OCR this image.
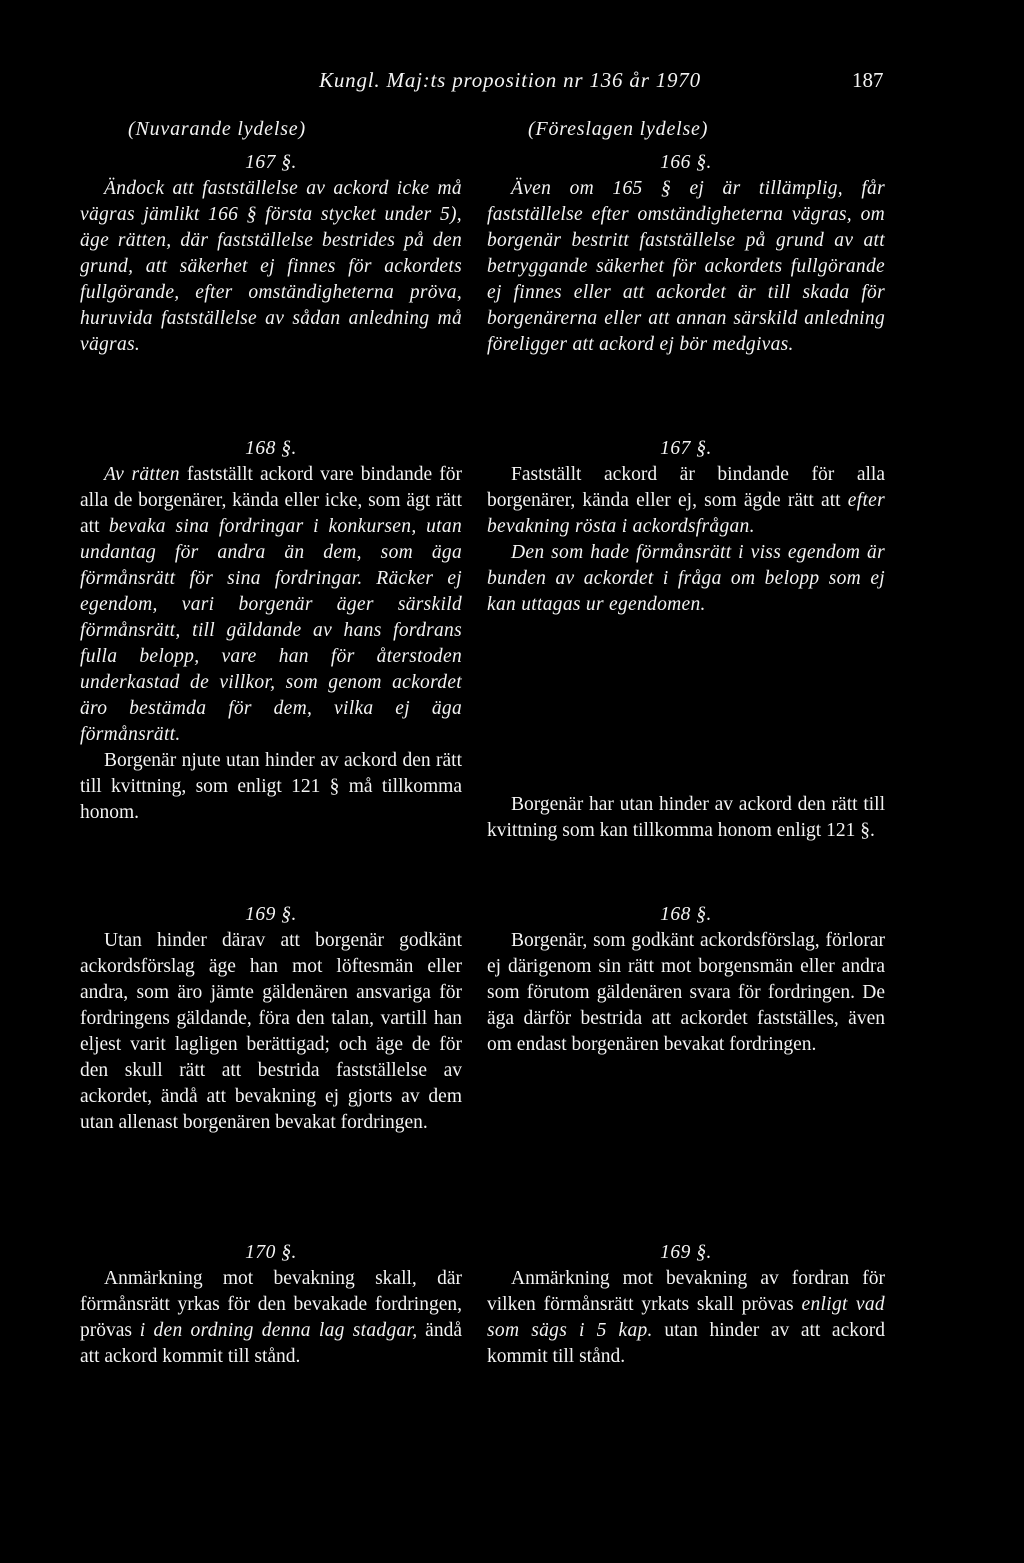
Kungl. Maj:ts proposition nr 136 år 1970	187
(Nuvarande lydelse)	(Föreslagen lydelse)
167 §.

Ändock att fastställelse av ackord icke må vägras jämlikt 166 § första stycket under 5), äge rätten, där fastställelse bestrides på den grund, att säkerhet ej finnes för ackordets fullgörande, efter omständigheterna pröva, huruvida fastställelse av sådan anledning må vägras.

168 §.

Av rätten fastställt ackord vare bindande för alla de borgenärer, kända eller icke, som ägt rätt att bevaka sina fordringar i konkursen, utan undantag för andra än dem, som äga förmånsrätt för sina fordringar. Räcker ej egendom, vari borgenär äger särskild förmånsrätt, till gäldande av hans fordrans fulla belopp, vare han för återstoden underkastad de villkor, som genom ackordet äro bestämda för dem, vilka ej äga förmånsrätt.

Borgenär njute utan hinder av ackord den rätt till kvittning, som enligt 121 § må tillkomma honom.

169 §.

Utan hinder därav att borgenär godkänt ackordsförslag äge han mot löftesmän eller andra, som äro jämte gäldenären ansvariga för fordringens gäldande, föra den talan, vartill han eljest varit lagligen berättigad; och äge de för den skull rätt att bestrida fastställelse av ackordet, ändå att bevakning ej gjorts av dem utan allenast borgenären bevakat fordringen.

170 §.

Anmärkning mot bevakning skall, där förmånsrätt yrkas för den bevakade fordringen, prövas i den ordning denna lag stadgar, ändå att ackord kommit till stånd.

166 §.

Även om 165 § ej är tillämplig, får fastställelse efter omständigheterna vägras, om borgenär bestritt fastställelse på grund av att betryggande säkerhet för ackordets fullgörande ej finnes eller att ackordet är till skada för borgenärerna eller att annan särskild anledning föreligger att ackord ej bör medgivas.

167 §.

Fastställt ackord är bindande för alla borgenärer, kända eller ej, som ägde rätt att efter bevakning rösta i ackordsfrågan.

Den som hade förmånsrätt i viss egendom är bunden av ackordet i fråga om belopp som ej kan uttagas ur egendomen.

Borgenär har utan hinder av ackord den rätt till kvittning som kan tillkomma honom enligt 121 §.

168 §.

Borgenär, som godkänt ackordsförslag, förlorar ej därigenom sin rätt mot borgensmän eller andra som förutom gäldenären svara för fordringen. De äga därför bestrida att ackordet fastställes, även om endast borgenären bevakat fordringen.

169 §.

Anmärkning mot bevakning av fordran för vilken förmånsrätt yrkats skall prövas enligt vad som sägs i 5 kap. utan hinder av att ackord kommit till stånd.
